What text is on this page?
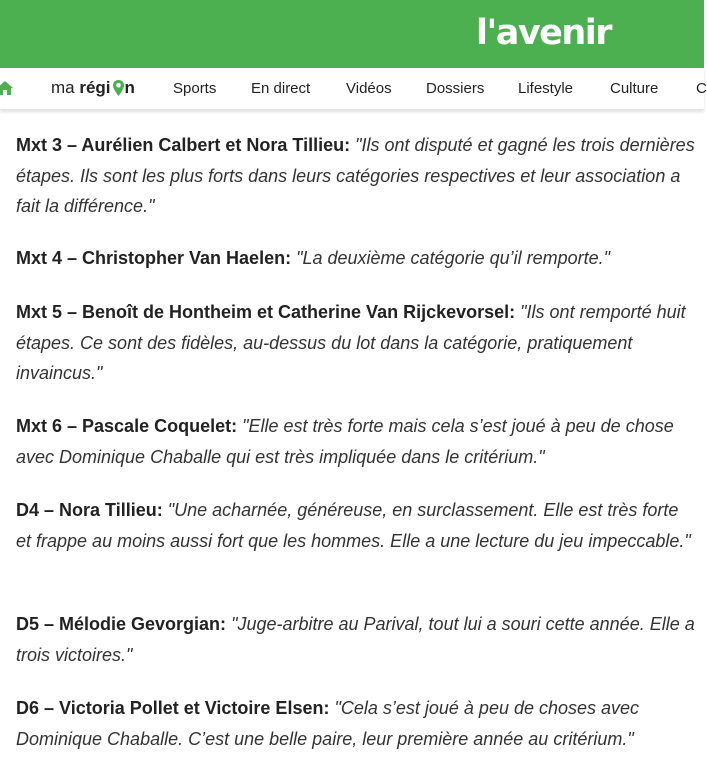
l'avenir
ma régi n	Sports En direct Vidéos Dossiers Lifestyle Culture	C

Mxt 3 – Aurélien Calbert et Nora Tillieu: "Ils ont disputé et gagné les trois dernières étapes. Ils sont les plus forts dans leurs catégories respectives et leur association a fait la différence."

Mxt 4 – Christopher Van Haelen: "La deuxième catégorie qu’il remporte."

Mxt 5 – Benoît de Hontheim et Catherine Van Rijckevorsel: "Ils ont remporté huit étapes. Ce sont des fidèles, au-dessus du lot dans la catégorie, pratiquement invaincus."

Mxt 6 – Pascale Coquelet: "Elle est très forte mais cela s’est joué à peu de chose avec Dominique Chaballe qui est très impliquée dans le critérium."

D4 – Nora Tillieu: "Une acharnée, généreuse, en surclassement. Elle est très forte et frappe au moins aussi fort que les hommes. Elle a une lecture du jeu impeccable."

D5 – Mélodie Gevorgian: "Juge-arbitre au Parival, tout lui a souri cette année. Elle a trois victoires."

D6 – Victoria Pollet et Victoire Elsen: "Cela s’est joué à peu de choses avec Dominique Chaballe. C’est une belle paire, leur première année au critérium."
